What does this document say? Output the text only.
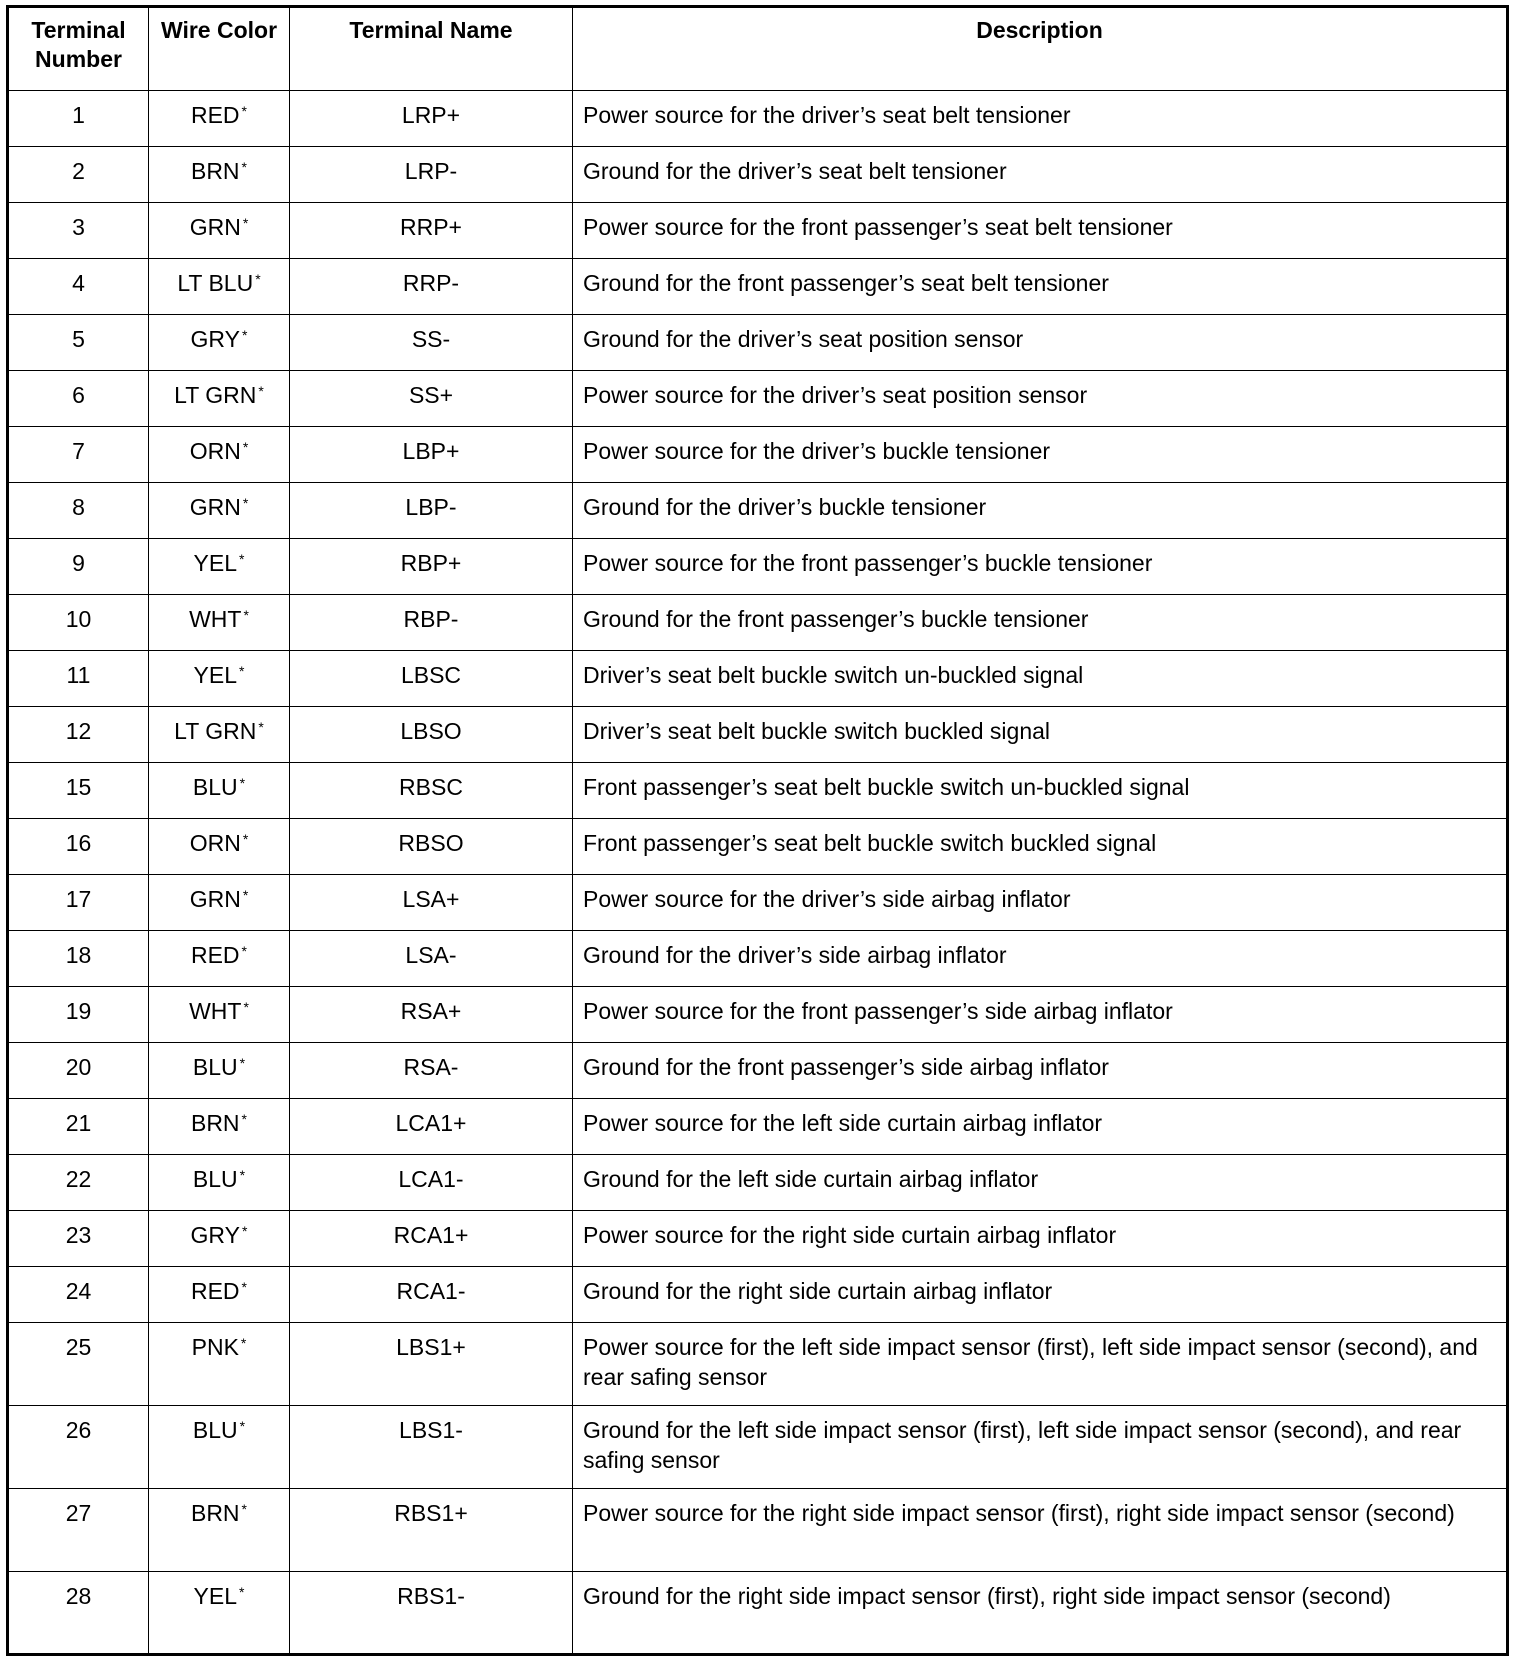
Terminal Number	Wire Color	Terminal Name	Description
1	RED *	LRP+	Power source for the driver’s seat belt tensioner
2	BRN *	LRP-	Ground for the driver’s seat belt tensioner
3	GRN *	RRP+	Power source for the front passenger’s seat belt tensioner
4	LT BLU *	RRP-	Ground for the front passenger’s seat belt tensioner
5	GRY *	SS-	Ground for the driver’s seat position sensor
6	LT GRN *	SS+	Power source for the driver’s seat position sensor
7	ORN *	LBP+	Power source for the driver’s buckle tensioner
8	GRN *	LBP-	Ground for the driver’s buckle tensioner
9	YEL *	RBP+	Power source for the front passenger’s buckle tensioner
10	WHT *	RBP-	Ground for the front passenger’s buckle tensioner
11	YEL *	LBSC	Driver’s seat belt buckle switch un-buckled signal
12	LT GRN *	LBSO	Driver’s seat belt buckle switch buckled signal
15	BLU *	RBSC	Front passenger’s seat belt buckle switch un-buckled signal
16	ORN *	RBSO	Front passenger’s seat belt buckle switch buckled signal
17	GRN *	LSA+	Power source for the driver’s side airbag inflator
18	RED *	LSA-	Ground for the driver’s side airbag inflator
19	WHT *	RSA+	Power source for the front passenger’s side airbag inflator
20	BLU *	RSA-	Ground for the front passenger’s side airbag inflator
21	BRN *	LCA1+	Power source for the left side curtain airbag inflator
22	BLU *	LCA1-	Ground for the left side curtain airbag inflator
23	GRY *	RCA1+	Power source for the right side curtain airbag inflator
24	RED *	RCA1-	Ground for the right side curtain airbag inflator
25	PNK *	LBS1+	Power source for the left side impact sensor (first), left side impact sensor (second), and rear safing sensor
26	BLU *	LBS1-	Ground for the left side impact sensor (first), left side impact sensor (second), and rear safing sensor
27	BRN *	RBS1+	Power source for the right side impact sensor (first), right side impact sensor (second)
28	YEL *	RBS1-	Ground for the right side impact sensor (first), right side impact sensor (second)
